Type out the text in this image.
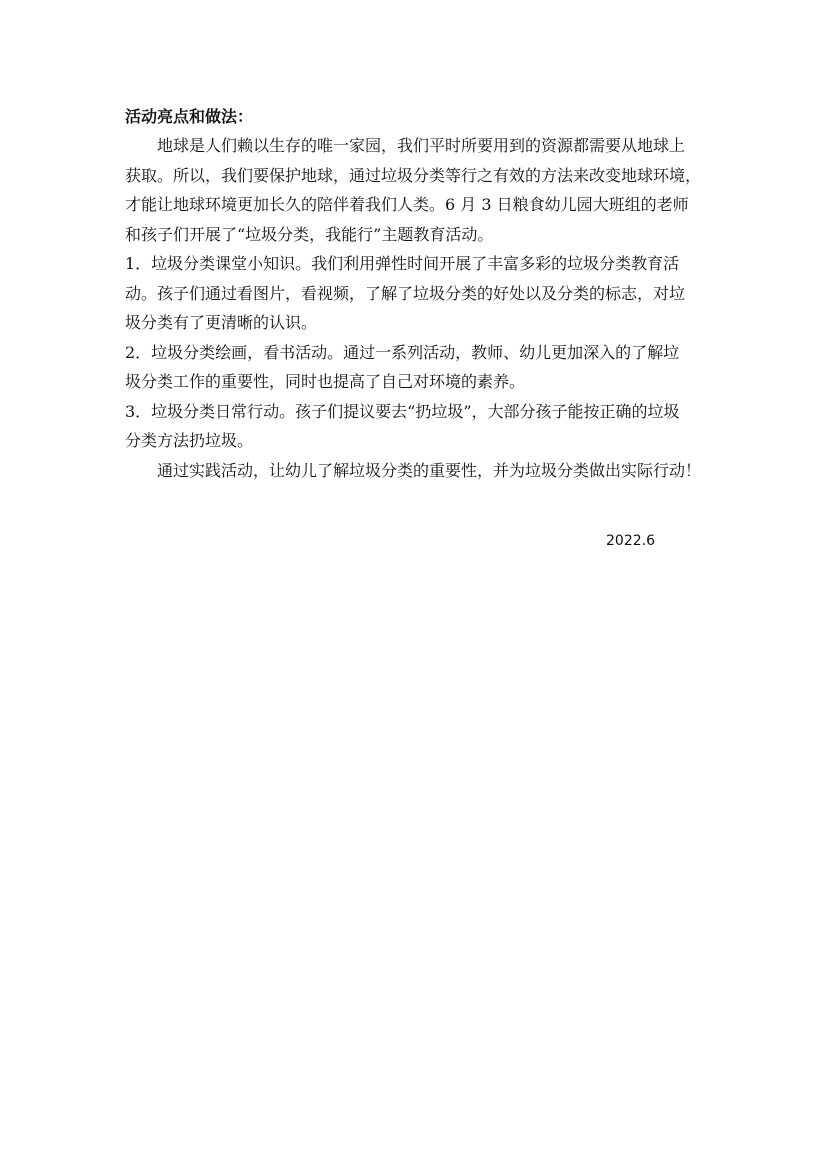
活动亮点和做法：

地球是人们赖以生存的唯一家园，我们平时所要用到的资源都需要从地球上

获取。所以，我们要保护地球，通过垃圾分类等行之有效的方法来改变地球环境，

才能让地球环境更加长久的陪伴着我们人类。6 月 3 日粮食幼儿园大班组的老师

和孩子们开展了“垃圾分类，我能行”主题教育活动。

1．垃圾分类课堂小知识。我们利用弹性时间开展了丰富多彩的垃圾分类教育活

动。孩子们通过看图片，看视频，了解了垃圾分类的好处以及分类的标志，对垃

圾分类有了更清晰的认识。

2．垃圾分类绘画，看书活动。通过一系列活动，教师、幼儿更加深入的了解垃

圾分类工作的重要性，同时也提高了自己对环境的素养。

3．垃圾分类日常行动。孩子们提议要去“扔垃圾”，大部分孩子能按正确的垃圾

分类方法扔垃圾。

通过实践活动，让幼儿了解垃圾分类的重要性，并为垃圾分类做出实际行动！

2022.6
